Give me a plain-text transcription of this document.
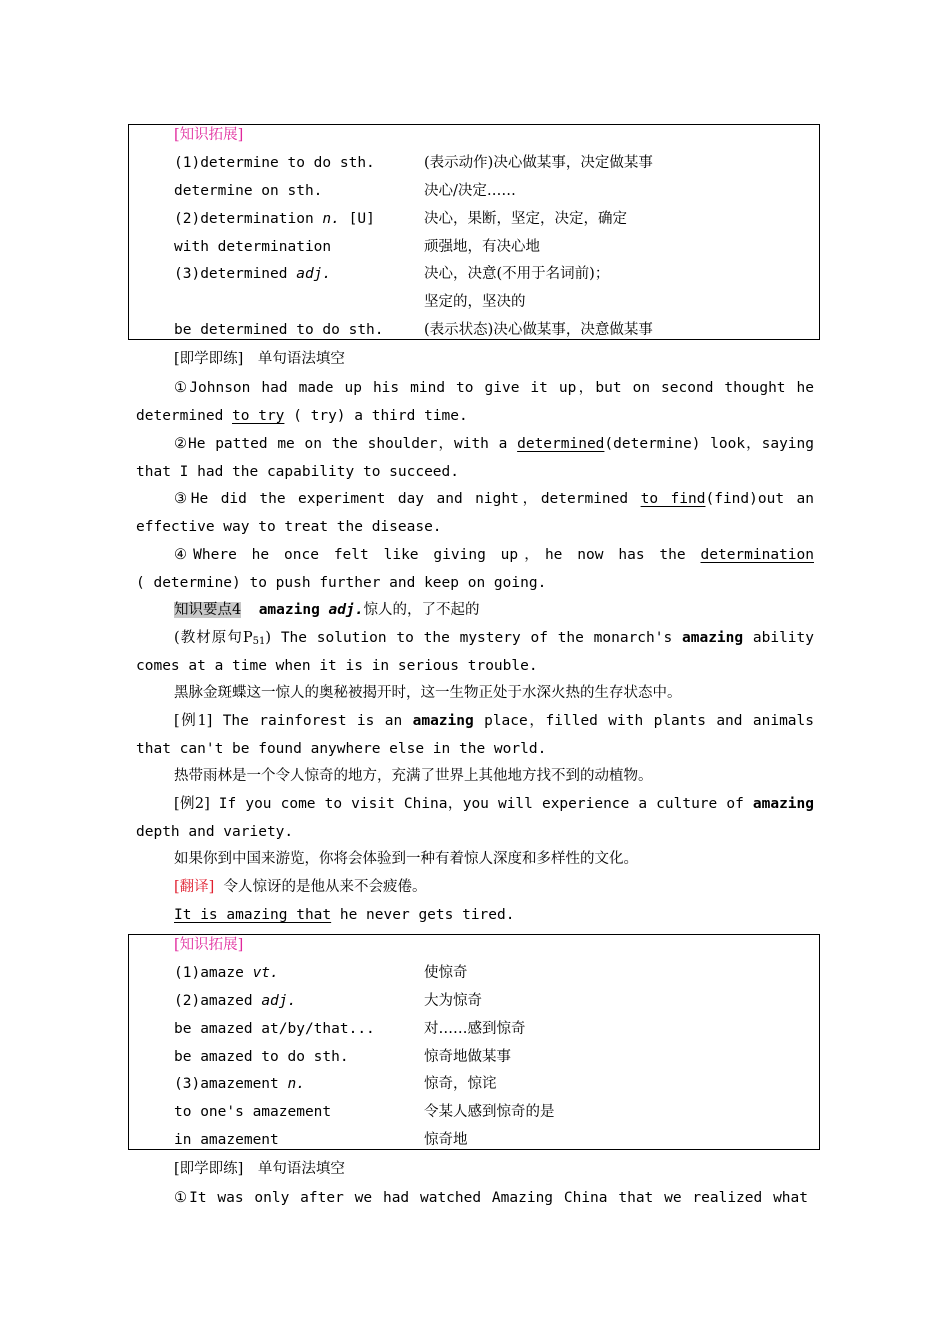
[知识拓展]
(1)determine to do sth.	(表示动作)决心做某事，决定做某事
determine on sth.	决心/决定……
(2)determination n. [U]	决心，果断，坚定，决定，确定
with determination	顽强地，有决心地
(3)determined adj.	决心，决意(不用于名词前)；
坚定的，坚决的
be determined to do sth.	(表示状态)决心做某事，决意做某事
[即学即练]　单句语法填空
①Johnson had made up his mind to give it up，but on second thought he
determined to try ( try) a third time.
②He patted me on the shoulder，with a determined(determine) look，saying
that I had the capability to succeed.
③He did the experiment day and night，determined to find(find)out an
effective way to treat the disease.
④Where he once felt like giving up，he now has the determination
( determine) to push further and keep on going.
知识要点4 amazing adj.惊人的，了不起的
(教材原句$P_{51}$) The solution to the mystery of the monarch's amazing ability
comes at a time when it is in serious trouble.
黑脉金斑蝶这一惊人的奥秘被揭开时，这一生物正处于水深火热的生存状态中。
[例1] The rainforest is an amazing place，filled with plants and animals
that can't be found anywhere else in the world.
热带雨林是一个令人惊奇的地方，充满了世界上其他地方找不到的动植物。
[例2] If you come to visit China，you will experience a culture of amazing
depth and variety.
如果你到中国来游览，你将会体验到一种有着惊人深度和多样性的文化。
[翻译] 令人惊讶的是他从来不会疲倦。
It is amazing that he never gets tired.
[知识拓展]
(1)amaze vt.	使惊奇
(2)amazed adj.	大为惊奇
be amazed at/by/that...	对……感到惊奇
be amazed to do sth.	惊奇地做某事
(3)amazement n.	惊奇，惊诧
to one's amazement	令某人感到惊奇的是
in amazement	惊奇地
[即学即练]　单句语法填空
①It was only after we had watched Amazing China that we realized what
